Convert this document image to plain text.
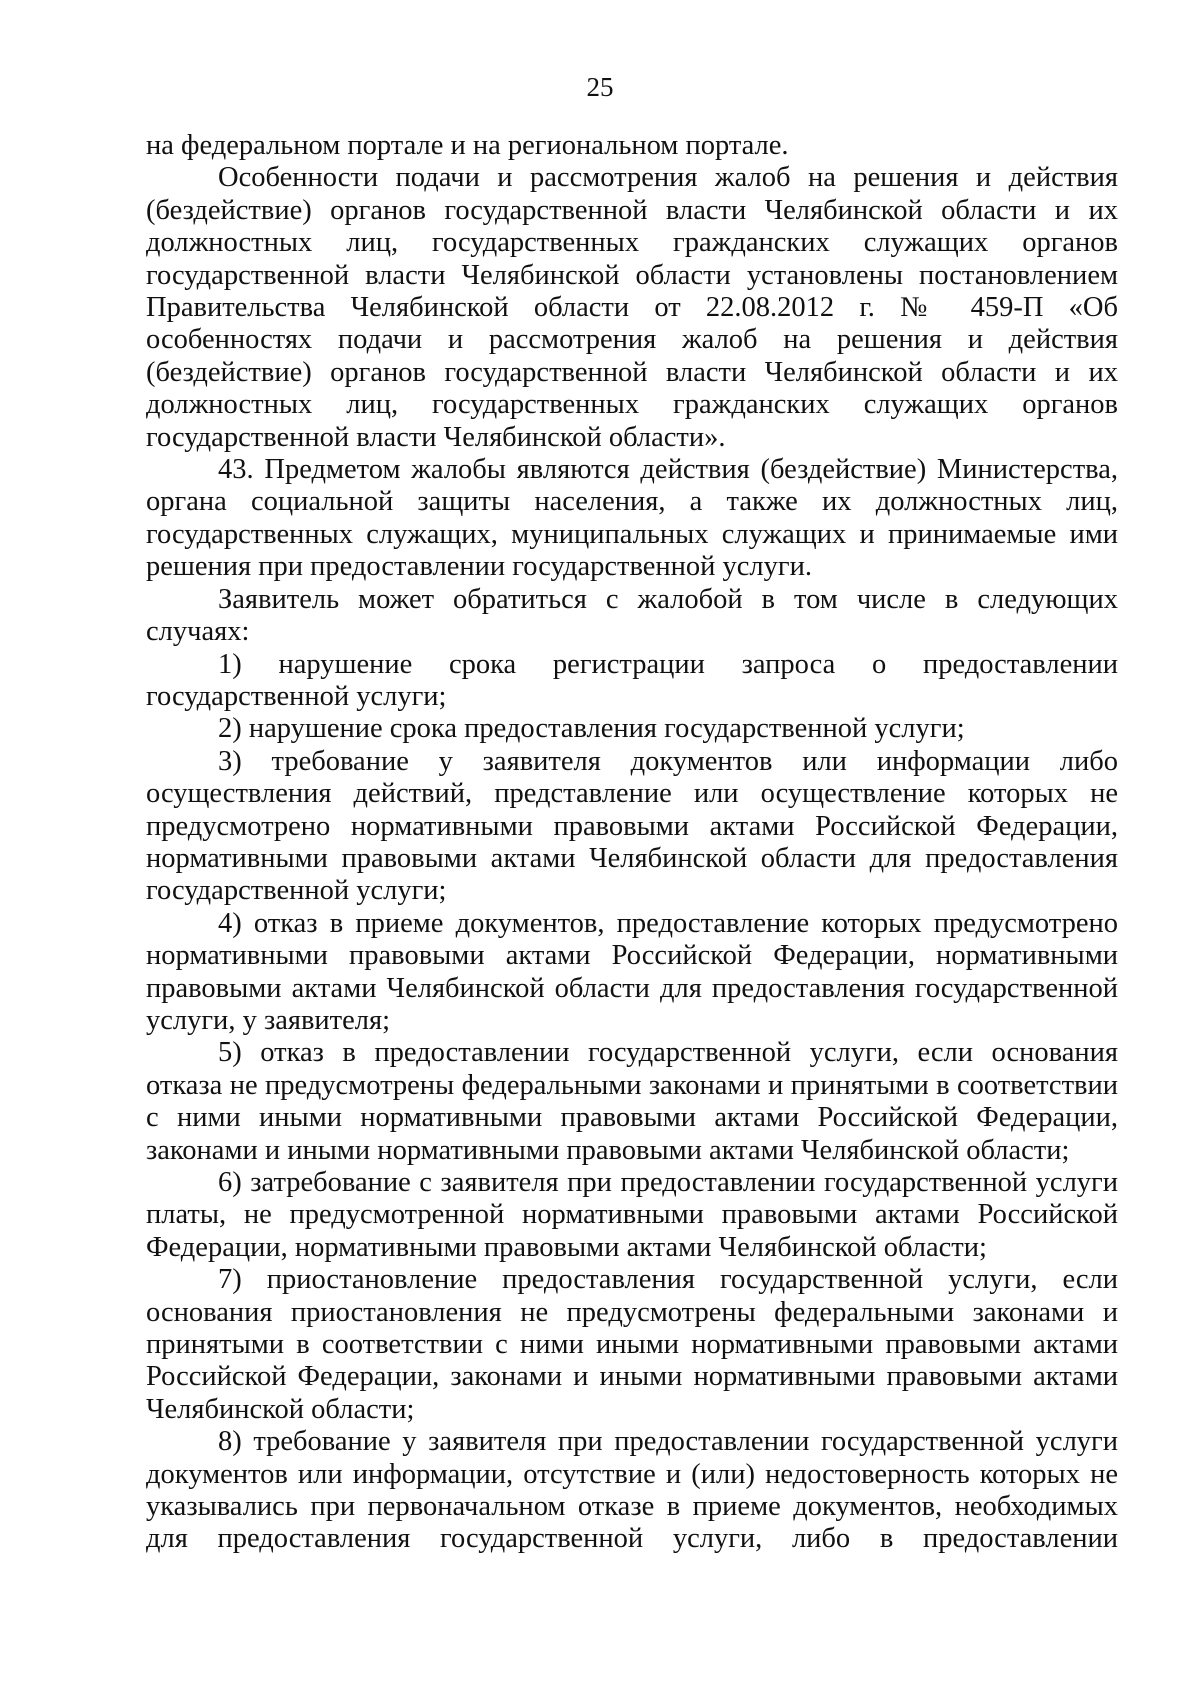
25

на федеральном портале и на региональном портале.

Особенности подачи и рассмотрения жалоб на решения и действия (бездействие) органов государственной власти Челябинской области и их должностных лиц, государственных гражданских служащих органов государственной власти Челябинской области установлены постановлением Правительства Челябинской области от 22.08.2012 г. № 459-П «Об особенностях подачи и рассмотрения жалоб на решения и действия (бездействие) органов государственной власти Челябинской области и их должностных лиц, государственных гражданских служащих органов государственной власти Челябинской области».

43. Предметом жалобы являются действия (бездействие) Министерства, органа социальной защиты населения, а также их должностных лиц, государственных служащих, муниципальных служащих и принимаемые ими решения при предоставлении государственной услуги.

Заявитель может обратиться с жалобой в том числе в следующих случаях:

1) нарушение срока регистрации запроса о предоставлении государственной услуги;

2) нарушение срока предоставления государственной услуги;

3) требование у заявителя документов или информации либо осуществления действий, представление или осуществление которых не предусмотрено нормативными правовыми актами Российской Федерации, нормативными правовыми актами Челябинской области для предоставления государственной услуги;

4) отказ в приеме документов, предоставление которых предусмотрено нормативными правовыми актами Российской Федерации, нормативными правовыми актами Челябинской области для предоставления государственной услуги, у заявителя;

5) отказ в предоставлении государственной услуги, если основания отказа не предусмотрены федеральными законами и принятыми в соответствии с ними иными нормативными правовыми актами Российской Федерации, законами и иными нормативными правовыми актами Челябинской области;

6) затребование с заявителя при предоставлении государственной услуги платы, не предусмотренной нормативными правовыми актами Российской Федерации, нормативными правовыми актами Челябинской области;

7) приостановление предоставления государственной услуги, если основания приостановления не предусмотрены федеральными законами и принятыми в соответствии с ними иными нормативными правовыми актами Российской Федерации, законами и иными нормативными правовыми актами Челябинской области;

8) требование у заявителя при предоставлении государственной услуги документов или информации, отсутствие и (или) недостоверность которых не указывались при первоначальном отказе в приеме документов, необходимых для предоставления государственной услуги, либо в предоставлении
